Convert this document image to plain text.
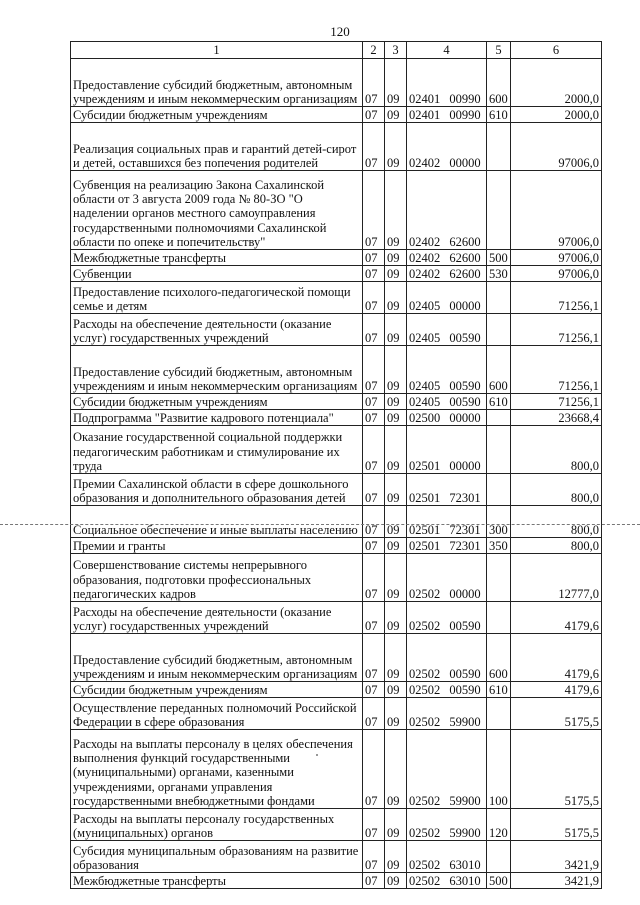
120
1	2	3	4	5	6
Предоставление субсидий бюджетным, автономным учреждениям и иным некоммерческим организациям	07	09	02401 00990	600	2000,0
Субсидии бюджетным учреждениям	07	09	02401 00990	610	2000,0
Реализация социальных прав и гарантий детей-сирот и детей, оставшихся без попечения родителей	07	09	02402 00000		97006,0
Субвенция на реализацию Закона Сахалинской области от 3 августа 2009 года № 80-ЗО "О наделении органов местного самоуправления государственными полномочиями Сахалинской области по опеке и попечительству"	07	09	02402 62600		97006,0
Межбюджетные трансферты	07	09	02402 62600	500	97006,0
Субвенции	07	09	02402 62600	530	97006,0
Предоставление психолого-педагогической помощи семье и детям	07	09	02405 00000		71256,1
Расходы на обеспечение деятельности (оказание услуг) государственных учреждений	07	09	02405 00590		71256,1
Предоставление субсидий бюджетным, автономным учреждениям и иным некоммерческим организациям	07	09	02405 00590	600	71256,1
Субсидии бюджетным учреждениям	07	09	02405 00590	610	71256,1
Подпрограмма "Развитие кадрового потенциала"	07	09	02500 00000		23668,4
Оказание государственной социальной поддержки педагогическим работникам и стимулирование их труда	07	09	02501 00000		800,0
Премии Сахалинской области в сфере дошкольного образования и дополнительного образования детей	07	09	02501 72301		800,0
Социальное обеспечение и иные выплаты населению	07	09	02501 72301	300	800,0
Премии и гранты	07	09	02501 72301	350	800,0
Совершенствование системы непрерывного образования, подготовки профессиональных педагогических кадров	07	09	02502 00000		12777,0
Расходы на обеспечение деятельности (оказание услуг) государственных учреждений	07	09	02502 00590		4179,6
Предоставление субсидий бюджетным, автономным учреждениям и иным некоммерческим организациям	07	09	02502 00590	600	4179,6
Субсидии бюджетным учреждениям	07	09	02502 00590	610	4179,6
Осуществление переданных полномочий Российской Федерации в сфере образования	07	09	02502 59900		5175,5
Расходы на выплаты персоналу в целях обеспечения выполнения функций государственными (муниципальными) органами, казенными учреждениями, органами управления государственными внебюджетными фондами	07	09	02502 59900	100	5175,5
Расходы на выплаты персоналу государственных (муниципальных) органов	07	09	02502 59900	120	5175,5
Субсидия муниципальным образованиям на развитие образования	07	09	02502 63010		3421,9
Межбюджетные трансферты	07	09	02502 63010	500	3421,9
